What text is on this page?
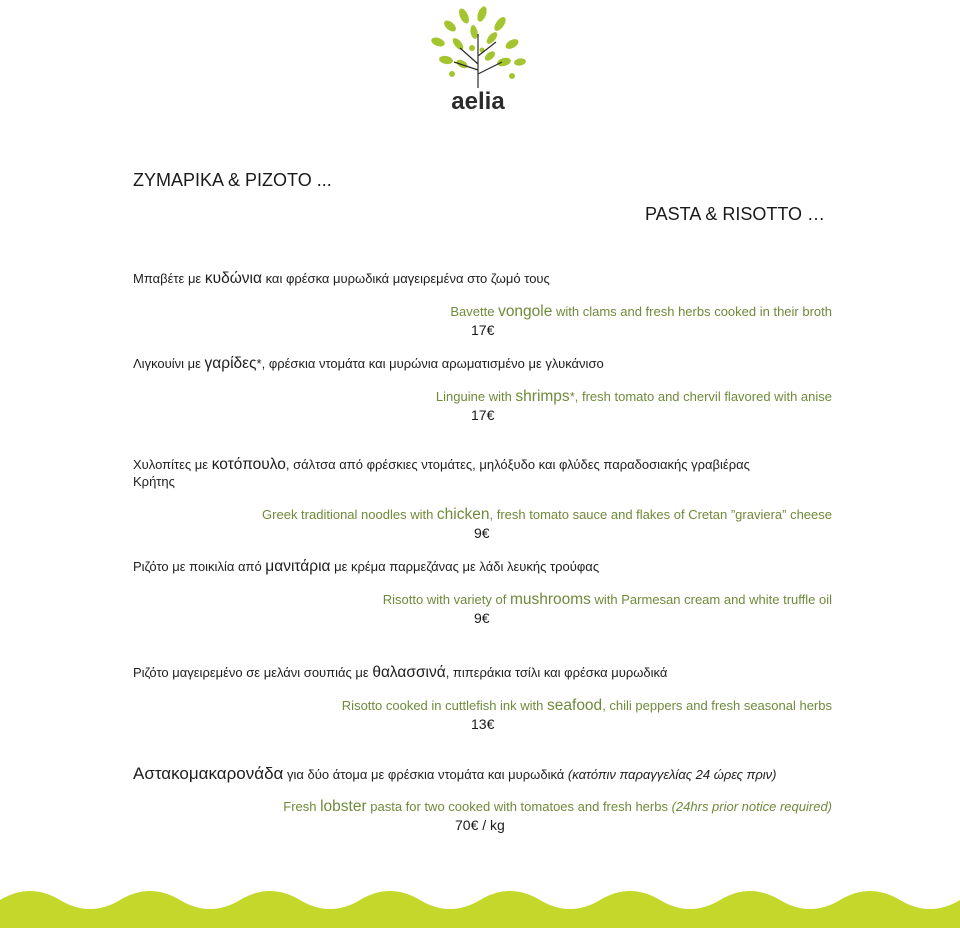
aelia
ΖΥΜΑΡΙΚΑ & ΡΙΖΟΤΟ ...
PASTA & RISOTTO …
Μπαβέτε με κυδώνια και φρέσκα μυρωδικά μαγειρεμένα στο ζωμό τους
Bavette vongole with clams and fresh herbs cooked in their broth
17€
Λιγκουίνι με γαρίδες*, φρέσκια ντομάτα και μυρώνια αρωματισμένο με γλυκάνισο
Linguine with shrimps*, fresh tomato and chervil flavored with anise
17€
Χυλοπίτες με κοτόπουλο, σάλτσα από φρέσκιες ντομάτες, μηλόξυδο και φλύδες παραδοσιακής γραβιέρας
Κρήτης
Greek traditional noodles with chicken, fresh tomato sauce and flakes of Cretan ”graviera” cheese
9€
Ριζότο με ποικιλία από μανιτάρια με κρέμα παρμεζάνας με λάδι λευκής τρούφας
Risotto with variety of mushrooms with Parmesan cream and white truffle oil
9€
Ριζότο μαγειρεμένο σε μελάνι σουπιάς με θαλασσινά, πιπεράκια τσίλι και φρέσκα μυρωδικά
Risotto cooked in cuttlefish ink with seafood, chili peppers and fresh seasonal herbs
13€
Αστακομακαρονάδα για δύο άτομα με φρέσκια ντομάτα και μυρωδικά (κατόπιν παραγγελίας 24 ώρες πριν)
Fresh lobster pasta for two cooked with tomatoes and fresh herbs (24hrs prior notice required)
70€ / kg
